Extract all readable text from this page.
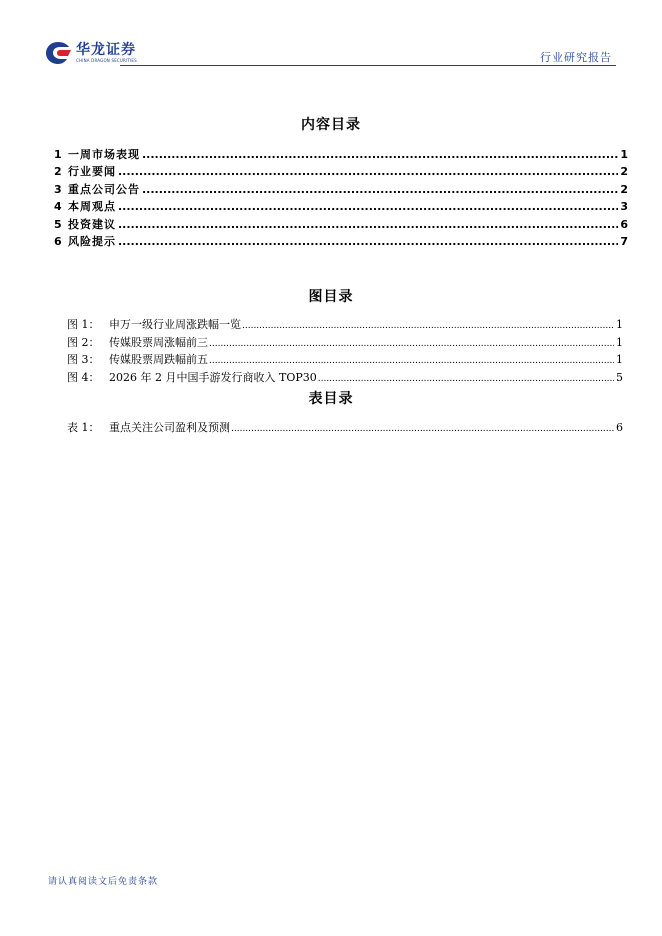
华龙证券
CHINA DRAGON SECURITIES	行业研究报告
内容目录
1 一周市场表现 .....	1
2 行业要闻 .....	2
3 重点公司公告 .....	2
4 本周观点 .....	3
5 投资建议 .....	6
6 风险提示 .....	7
图目录
图 1： 申万一级行业周涨跌幅一览 .....	1
图 2： 传媒股票周涨幅前三 .....	1
图 3： 传媒股票周跌幅前五 .....	1
图 4： 2026 年 2 月中国手游发行商收入 TOP30 .....	5
表目录
表 1： 重点关注公司盈利及预测 .....	6
请认真阅读文后免责条款
